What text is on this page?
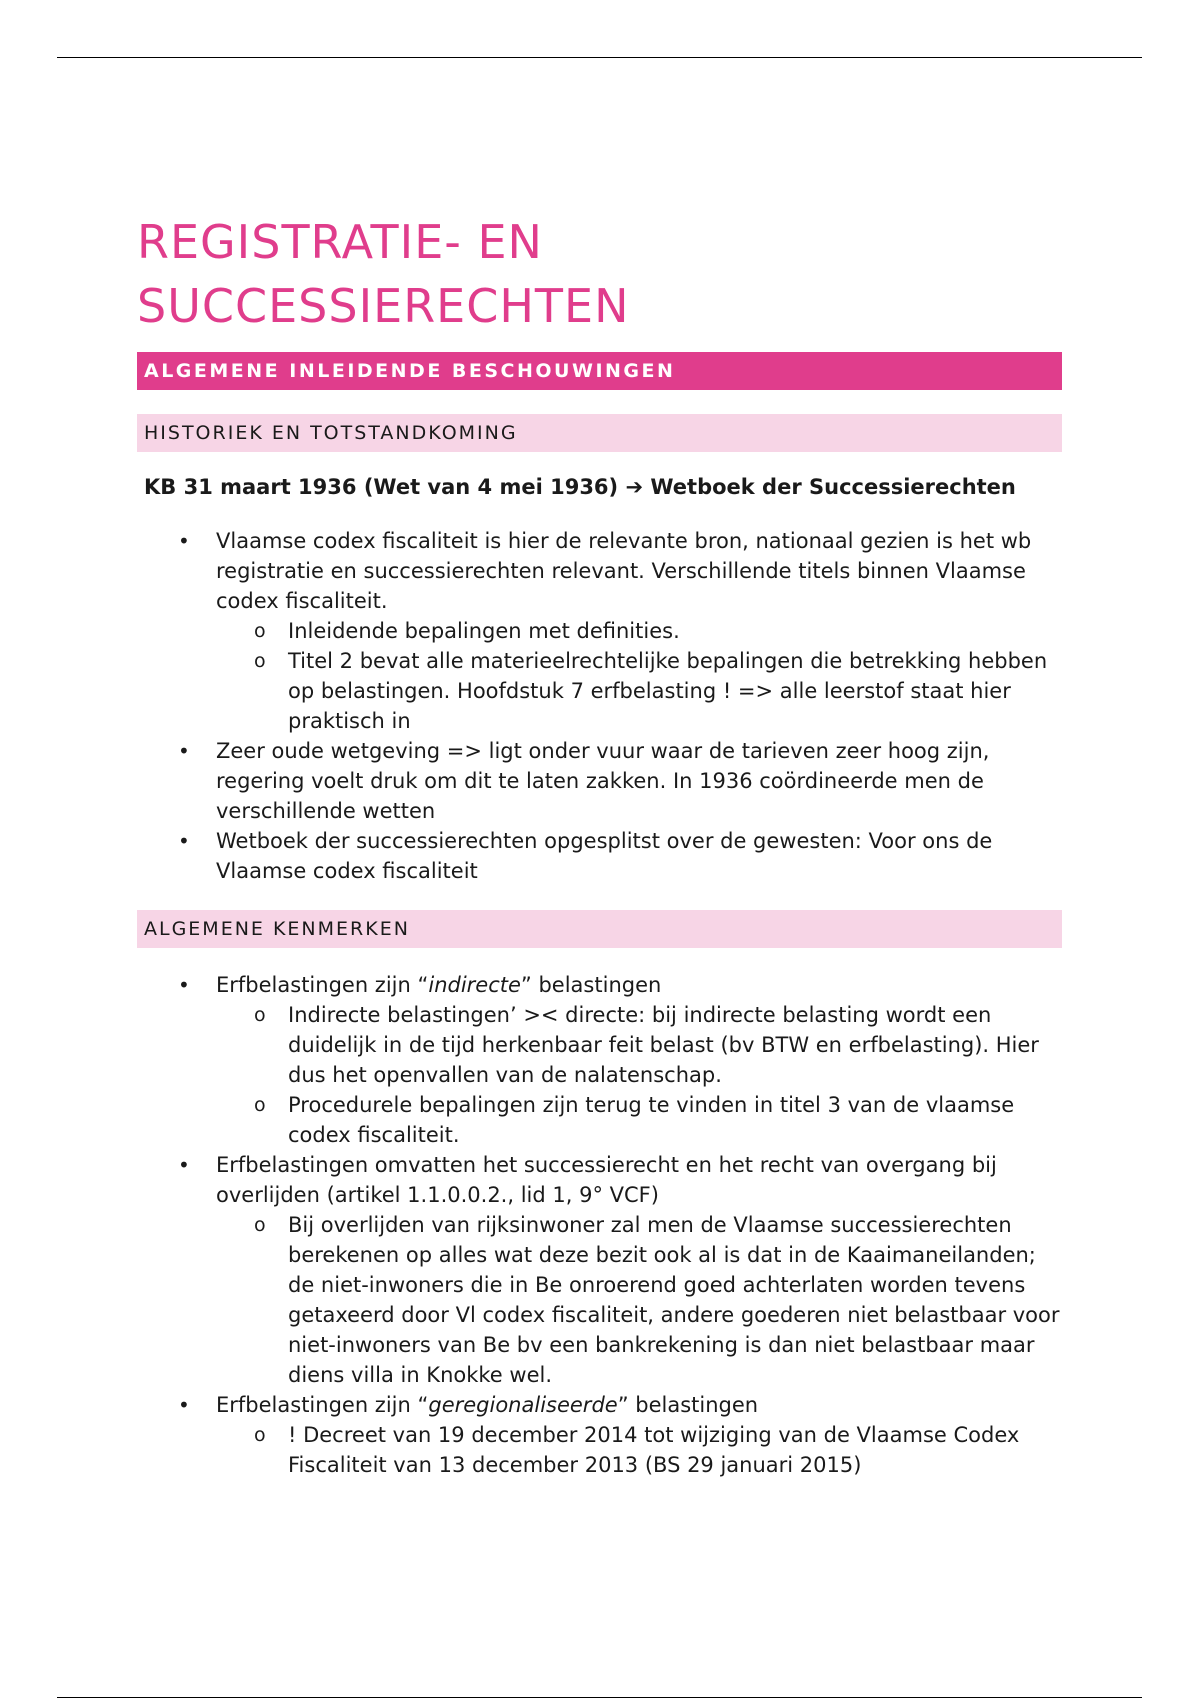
REGISTRATIE- EN
SUCCESSIERECHTEN
ALGEMENE INLEIDENDE BESCHOUWINGEN
HISTORIEK EN TOTSTANDKOMING

KB 31 maart 1936 (Wet van 4 mei 1936) ➔ Wetboek der Successierechten

• Vlaamse codex fiscaliteit is hier de relevante bron, nationaal gezien is het wb registratie en successierechten relevant. Verschillende titels binnen Vlaamse codex fiscaliteit.
o Inleidende bepalingen met definities.
o Titel 2 bevat alle materieelrechtelijke bepalingen die betrekking hebben op belastingen. Hoofdstuk 7 erfbelasting ! => alle leerstof staat hier praktisch in
• Zeer oude wetgeving => ligt onder vuur waar de tarieven zeer hoog zijn, regering voelt druk om dit te laten zakken. In 1936 coördineerde men de verschillende wetten
• Wetboek der successierechten opgesplitst over de gewesten: Voor ons de Vlaamse codex fiscaliteit
ALGEMENE KENMERKEN
• Erfbelastingen zijn “indirecte” belastingen
o Indirecte belastingen’ >< directe: bij indirecte belasting wordt een duidelijk in de tijd herkenbaar feit belast (bv BTW en erfbelasting). Hier dus het openvallen van de nalatenschap.
o Procedurele bepalingen zijn terug te vinden in titel 3 van de vlaamse codex fiscaliteit.
• Erfbelastingen omvatten het successierecht en het recht van overgang bij overlijden (artikel 1.1.0.0.2., lid 1, 9° VCF)
o Bij overlijden van rijksinwoner zal men de Vlaamse successierechten berekenen op alles wat deze bezit ook al is dat in de Kaaimaneilanden; de niet-inwoners die in Be onroerend goed achterlaten worden tevens getaxeerd door Vl codex fiscaliteit, andere goederen niet belastbaar voor niet-inwoners van Be bv een bankrekening is dan niet belastbaar maar diens villa in Knokke wel.
• Erfbelastingen zijn “geregionaliseerde” belastingen
o ! Decreet van 19 december 2014 tot wijziging van de Vlaamse Codex Fiscaliteit van 13 december 2013 (BS 29 januari 2015)
